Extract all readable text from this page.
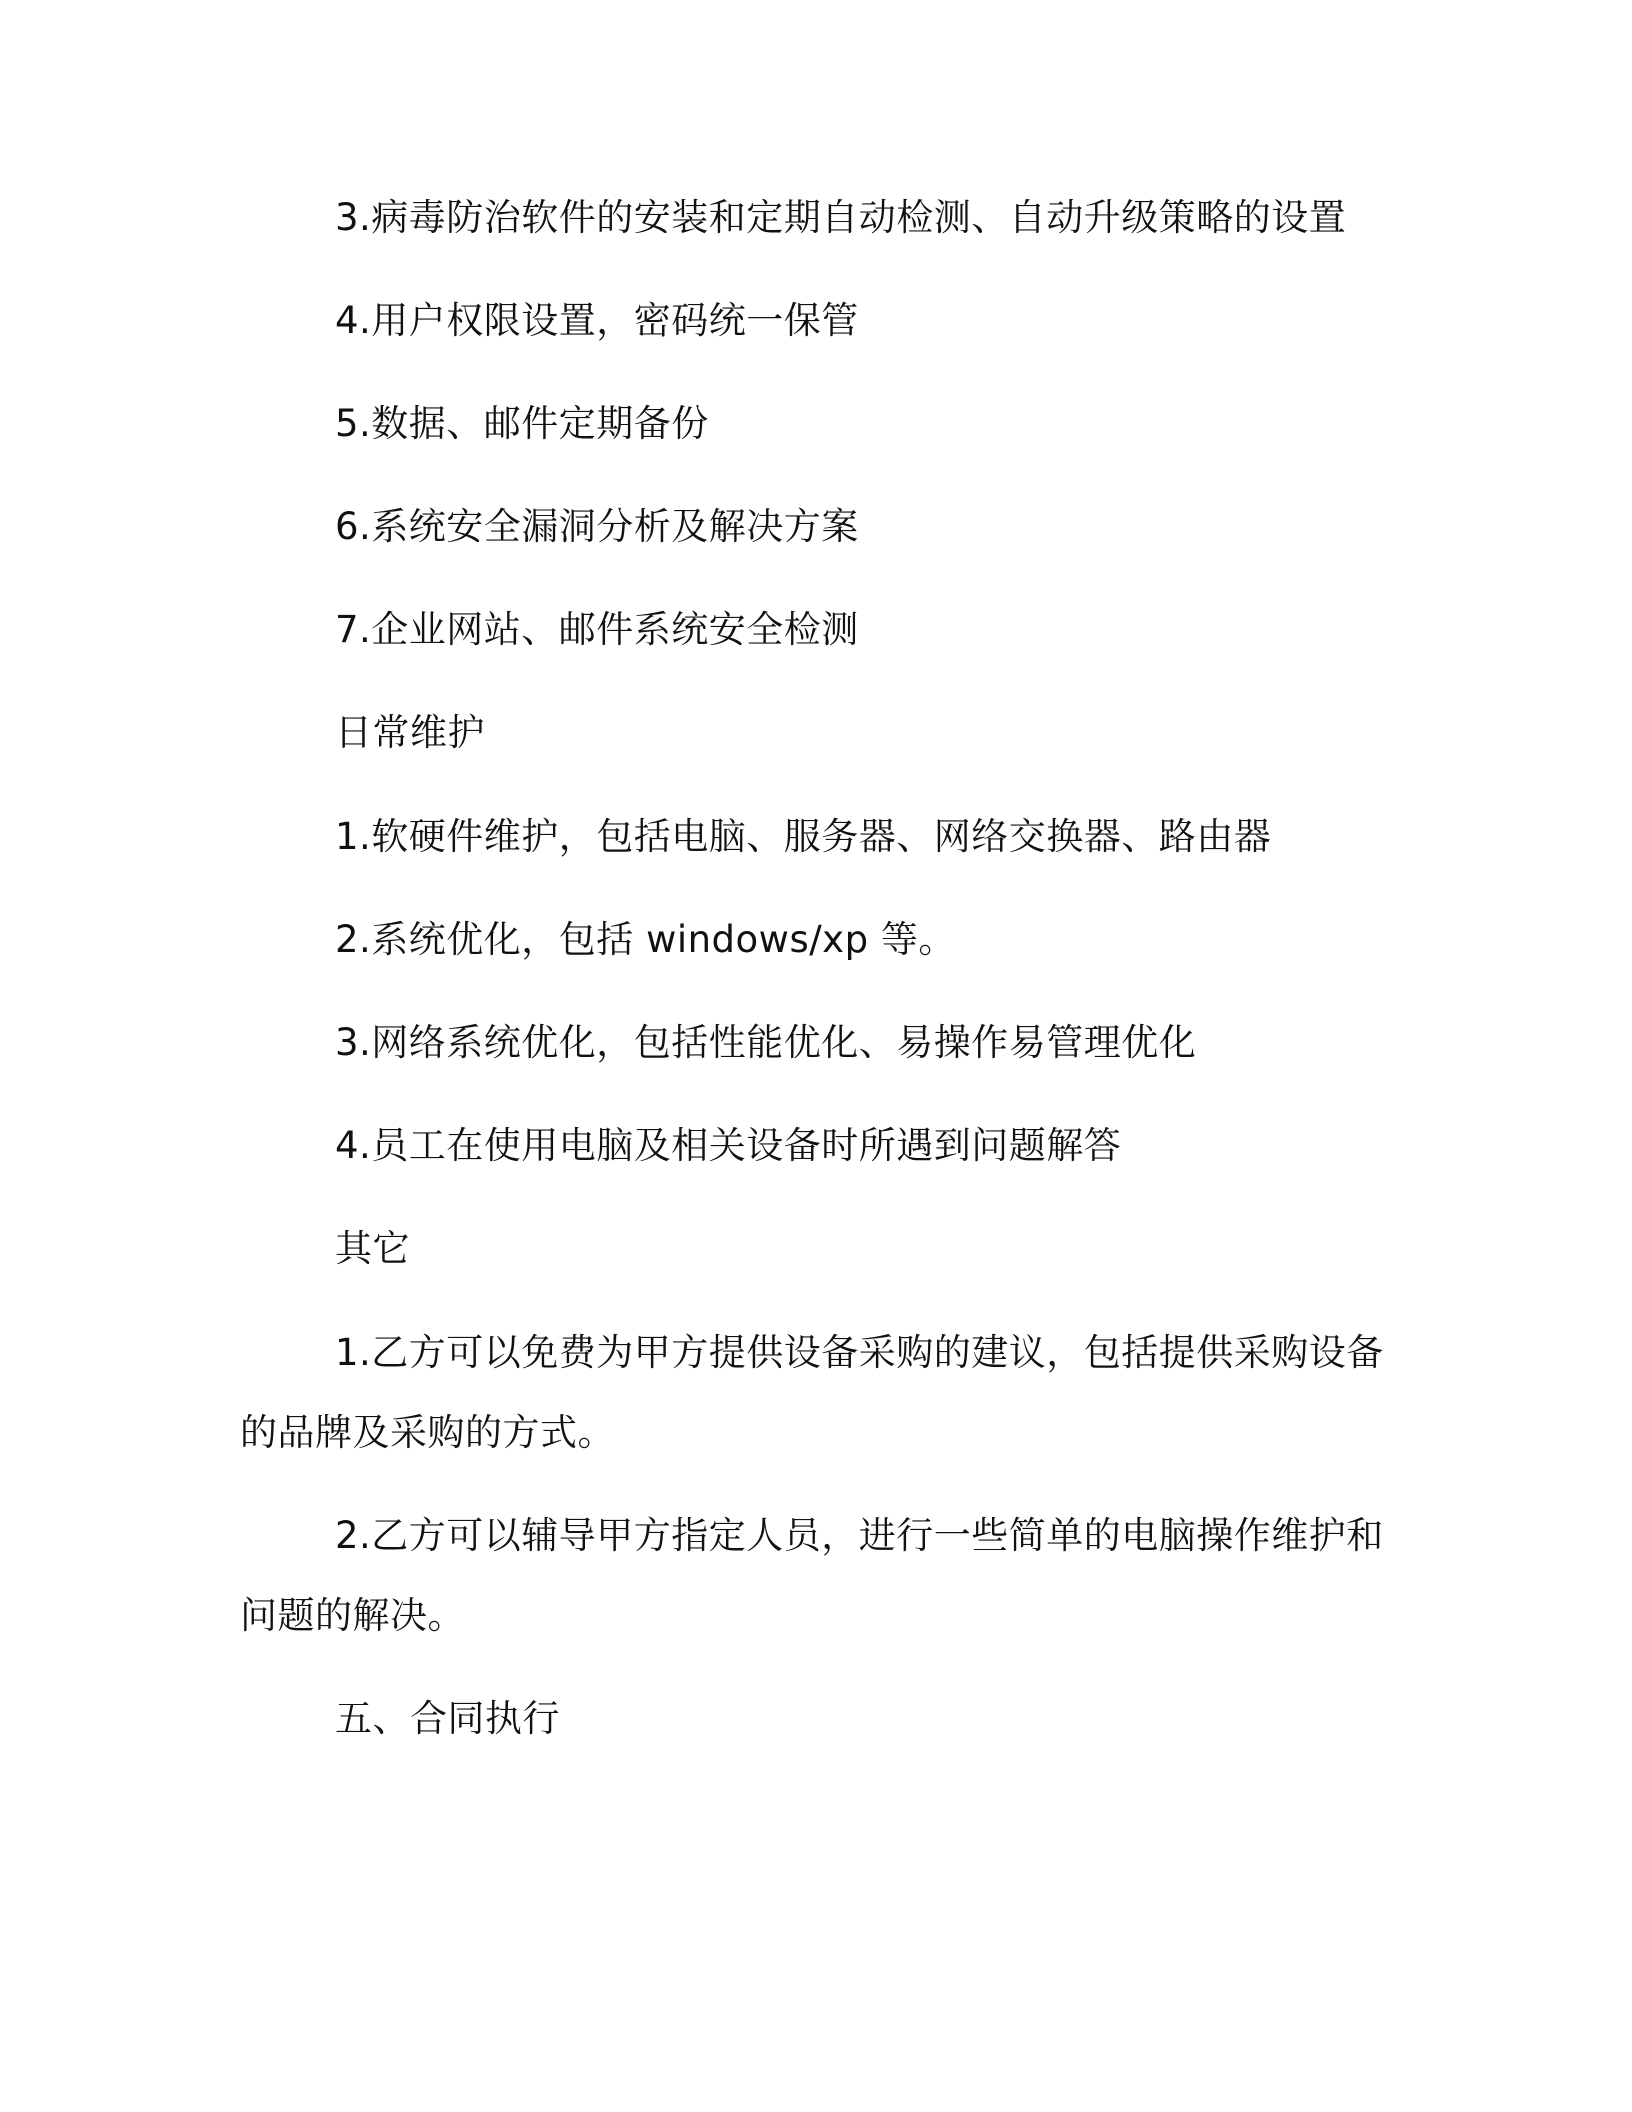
3.病毒防治软件的安装和定期自动检测、自动升级策略的设置
4.用户权限设置，密码统一保管
5.数据、邮件定期备份
6.系统安全漏洞分析及解决方案
7.企业网站、邮件系统安全检测
日常维护
1.软硬件维护，包括电脑、服务器、网络交换器、路由器
2.系统优化，包括 windows/xp 等。
3.网络系统优化，包括性能优化、易操作易管理优化
4.员工在使用电脑及相关设备时所遇到问题解答
其它
1.乙方可以免费为甲方提供设备采购的建议，包括提供采购设备
的品牌及采购的方式。
2.乙方可以辅导甲方指定人员，进行一些简单的电脑操作维护和
问题的解决。
五、合同执行
